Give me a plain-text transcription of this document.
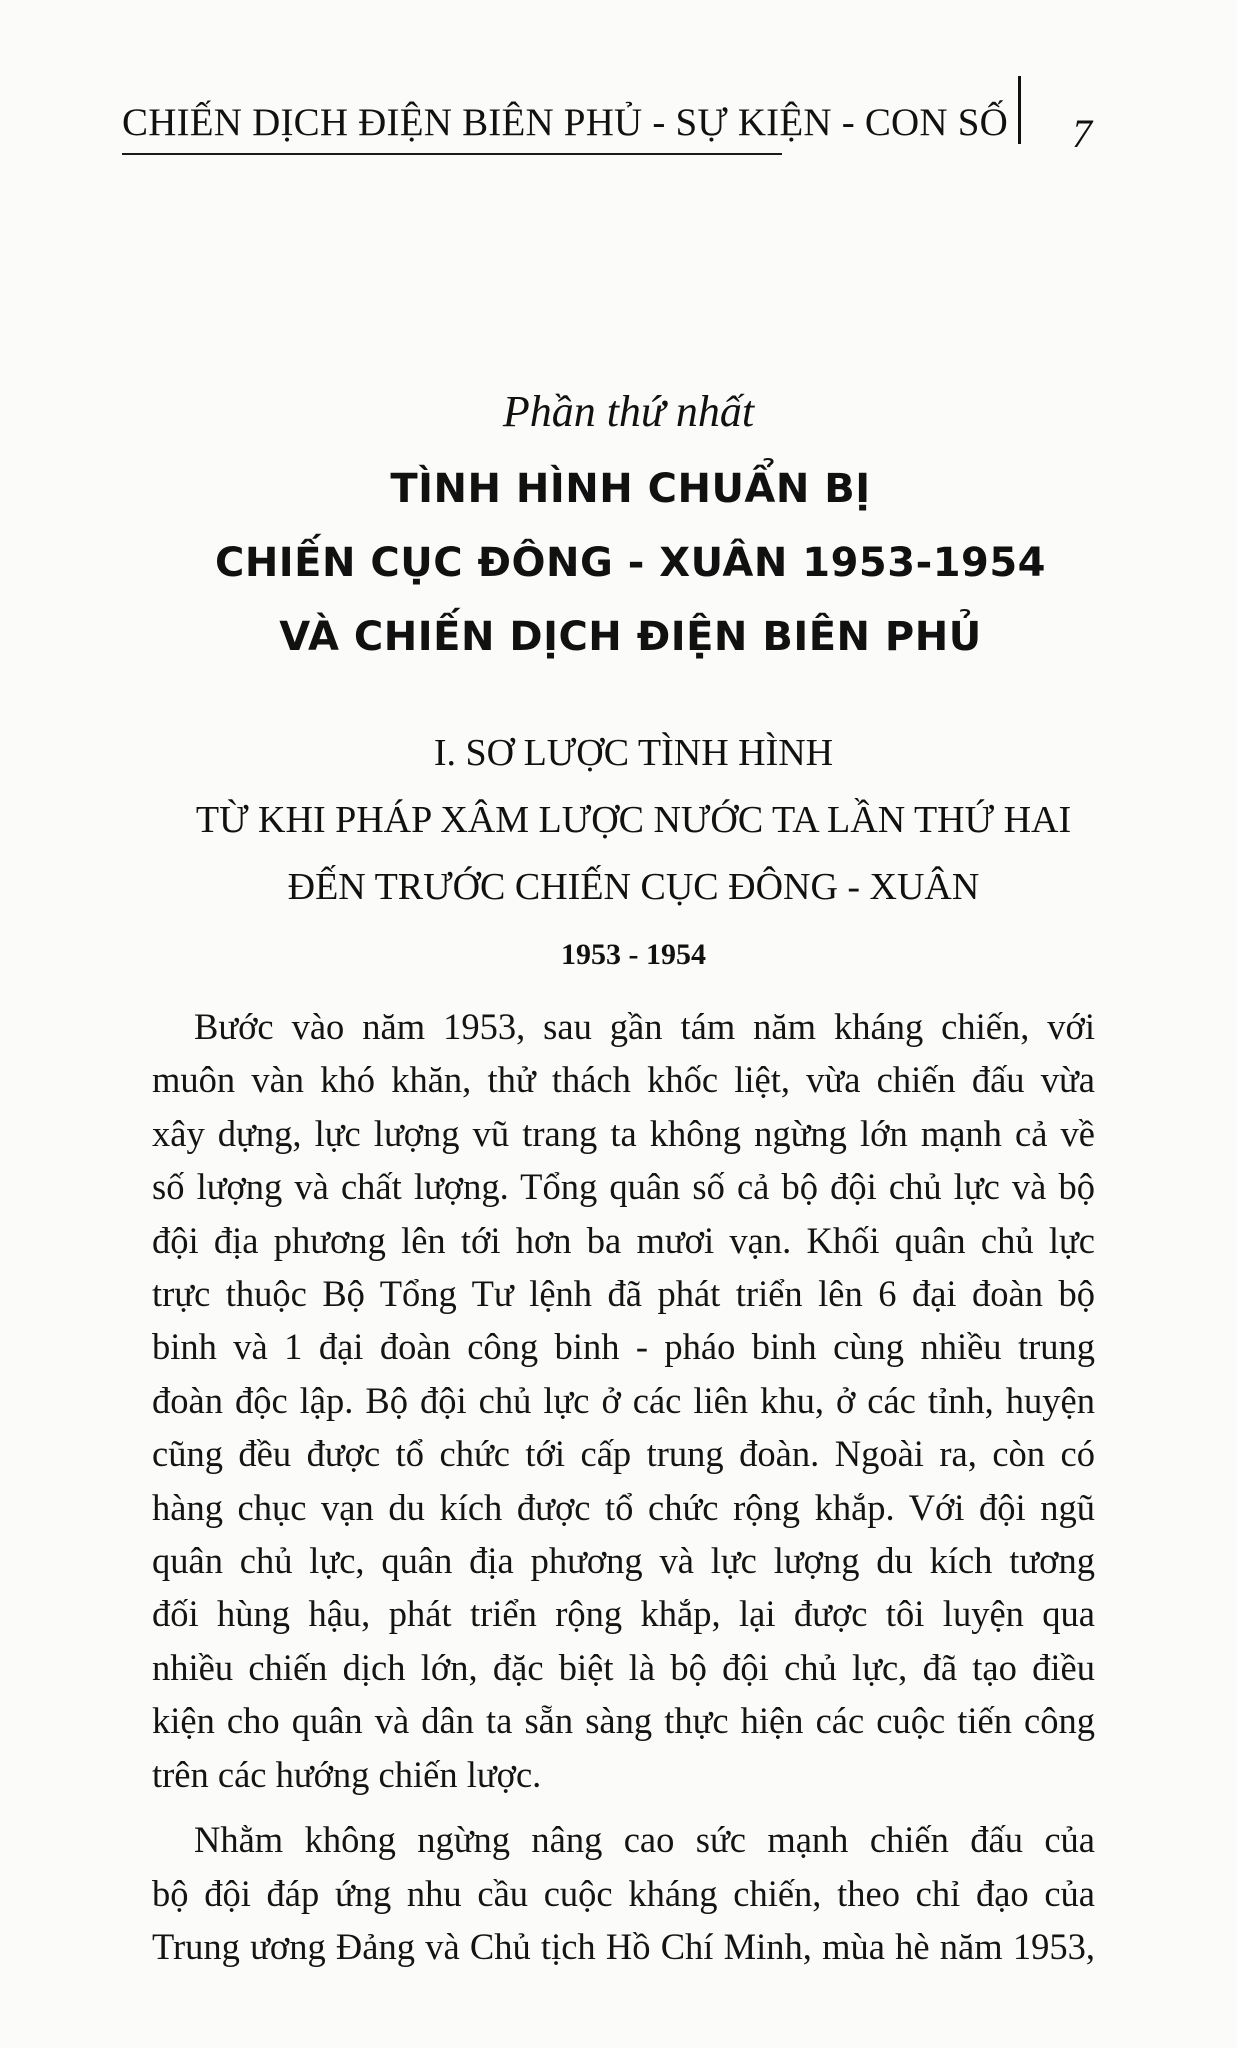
CHIẾN DỊCH ĐIỆN BIÊN PHỦ - SỰ KIỆN - CON SỐ 7
Phần thứ nhất
TÌNH HÌNH CHUẨN BỊ
CHIẾN CỤC ĐÔNG - XUÂN 1953-1954
VÀ CHIẾN DỊCH ĐIỆN BIÊN PHỦ
I. SƠ LƯỢC TÌNH HÌNH
TỪ KHI PHÁP XÂM LƯỢC NƯỚC TA LẦN THỨ HAI
ĐẾN TRƯỚC CHIẾN CỤC ĐÔNG - XUÂN
1953 - 1954
Bước vào năm 1953, sau gần tám năm kháng chiến, với
muôn vàn khó khăn, thử thách khốc liệt, vừa chiến đấu vừa
xây dựng, lực lượng vũ trang ta không ngừng lớn mạnh cả về
số lượng và chất lượng. Tổng quân số cả bộ đội chủ lực và bộ
đội địa phương lên tới hơn ba mươi vạn. Khối quân chủ lực
trực thuộc Bộ Tổng Tư lệnh đã phát triển lên 6 đại đoàn bộ
binh và 1 đại đoàn công binh - pháo binh cùng nhiều trung
đoàn độc lập. Bộ đội chủ lực ở các liên khu, ở các tỉnh, huyện
cũng đều được tổ chức tới cấp trung đoàn. Ngoài ra, còn có
hàng chục vạn du kích được tổ chức rộng khắp. Với đội ngũ
quân chủ lực, quân địa phương và lực lượng du kích tương
đối hùng hậu, phát triển rộng khắp, lại được tôi luyện qua
nhiều chiến dịch lớn, đặc biệt là bộ đội chủ lực, đã tạo điều
kiện cho quân và dân ta sẵn sàng thực hiện các cuộc tiến công
trên các hướng chiến lược.
Nhằm không ngừng nâng cao sức mạnh chiến đấu của
bộ đội đáp ứng nhu cầu cuộc kháng chiến, theo chỉ đạo của
Trung ương Đảng và Chủ tịch Hồ Chí Minh, mùa hè năm 1953,
